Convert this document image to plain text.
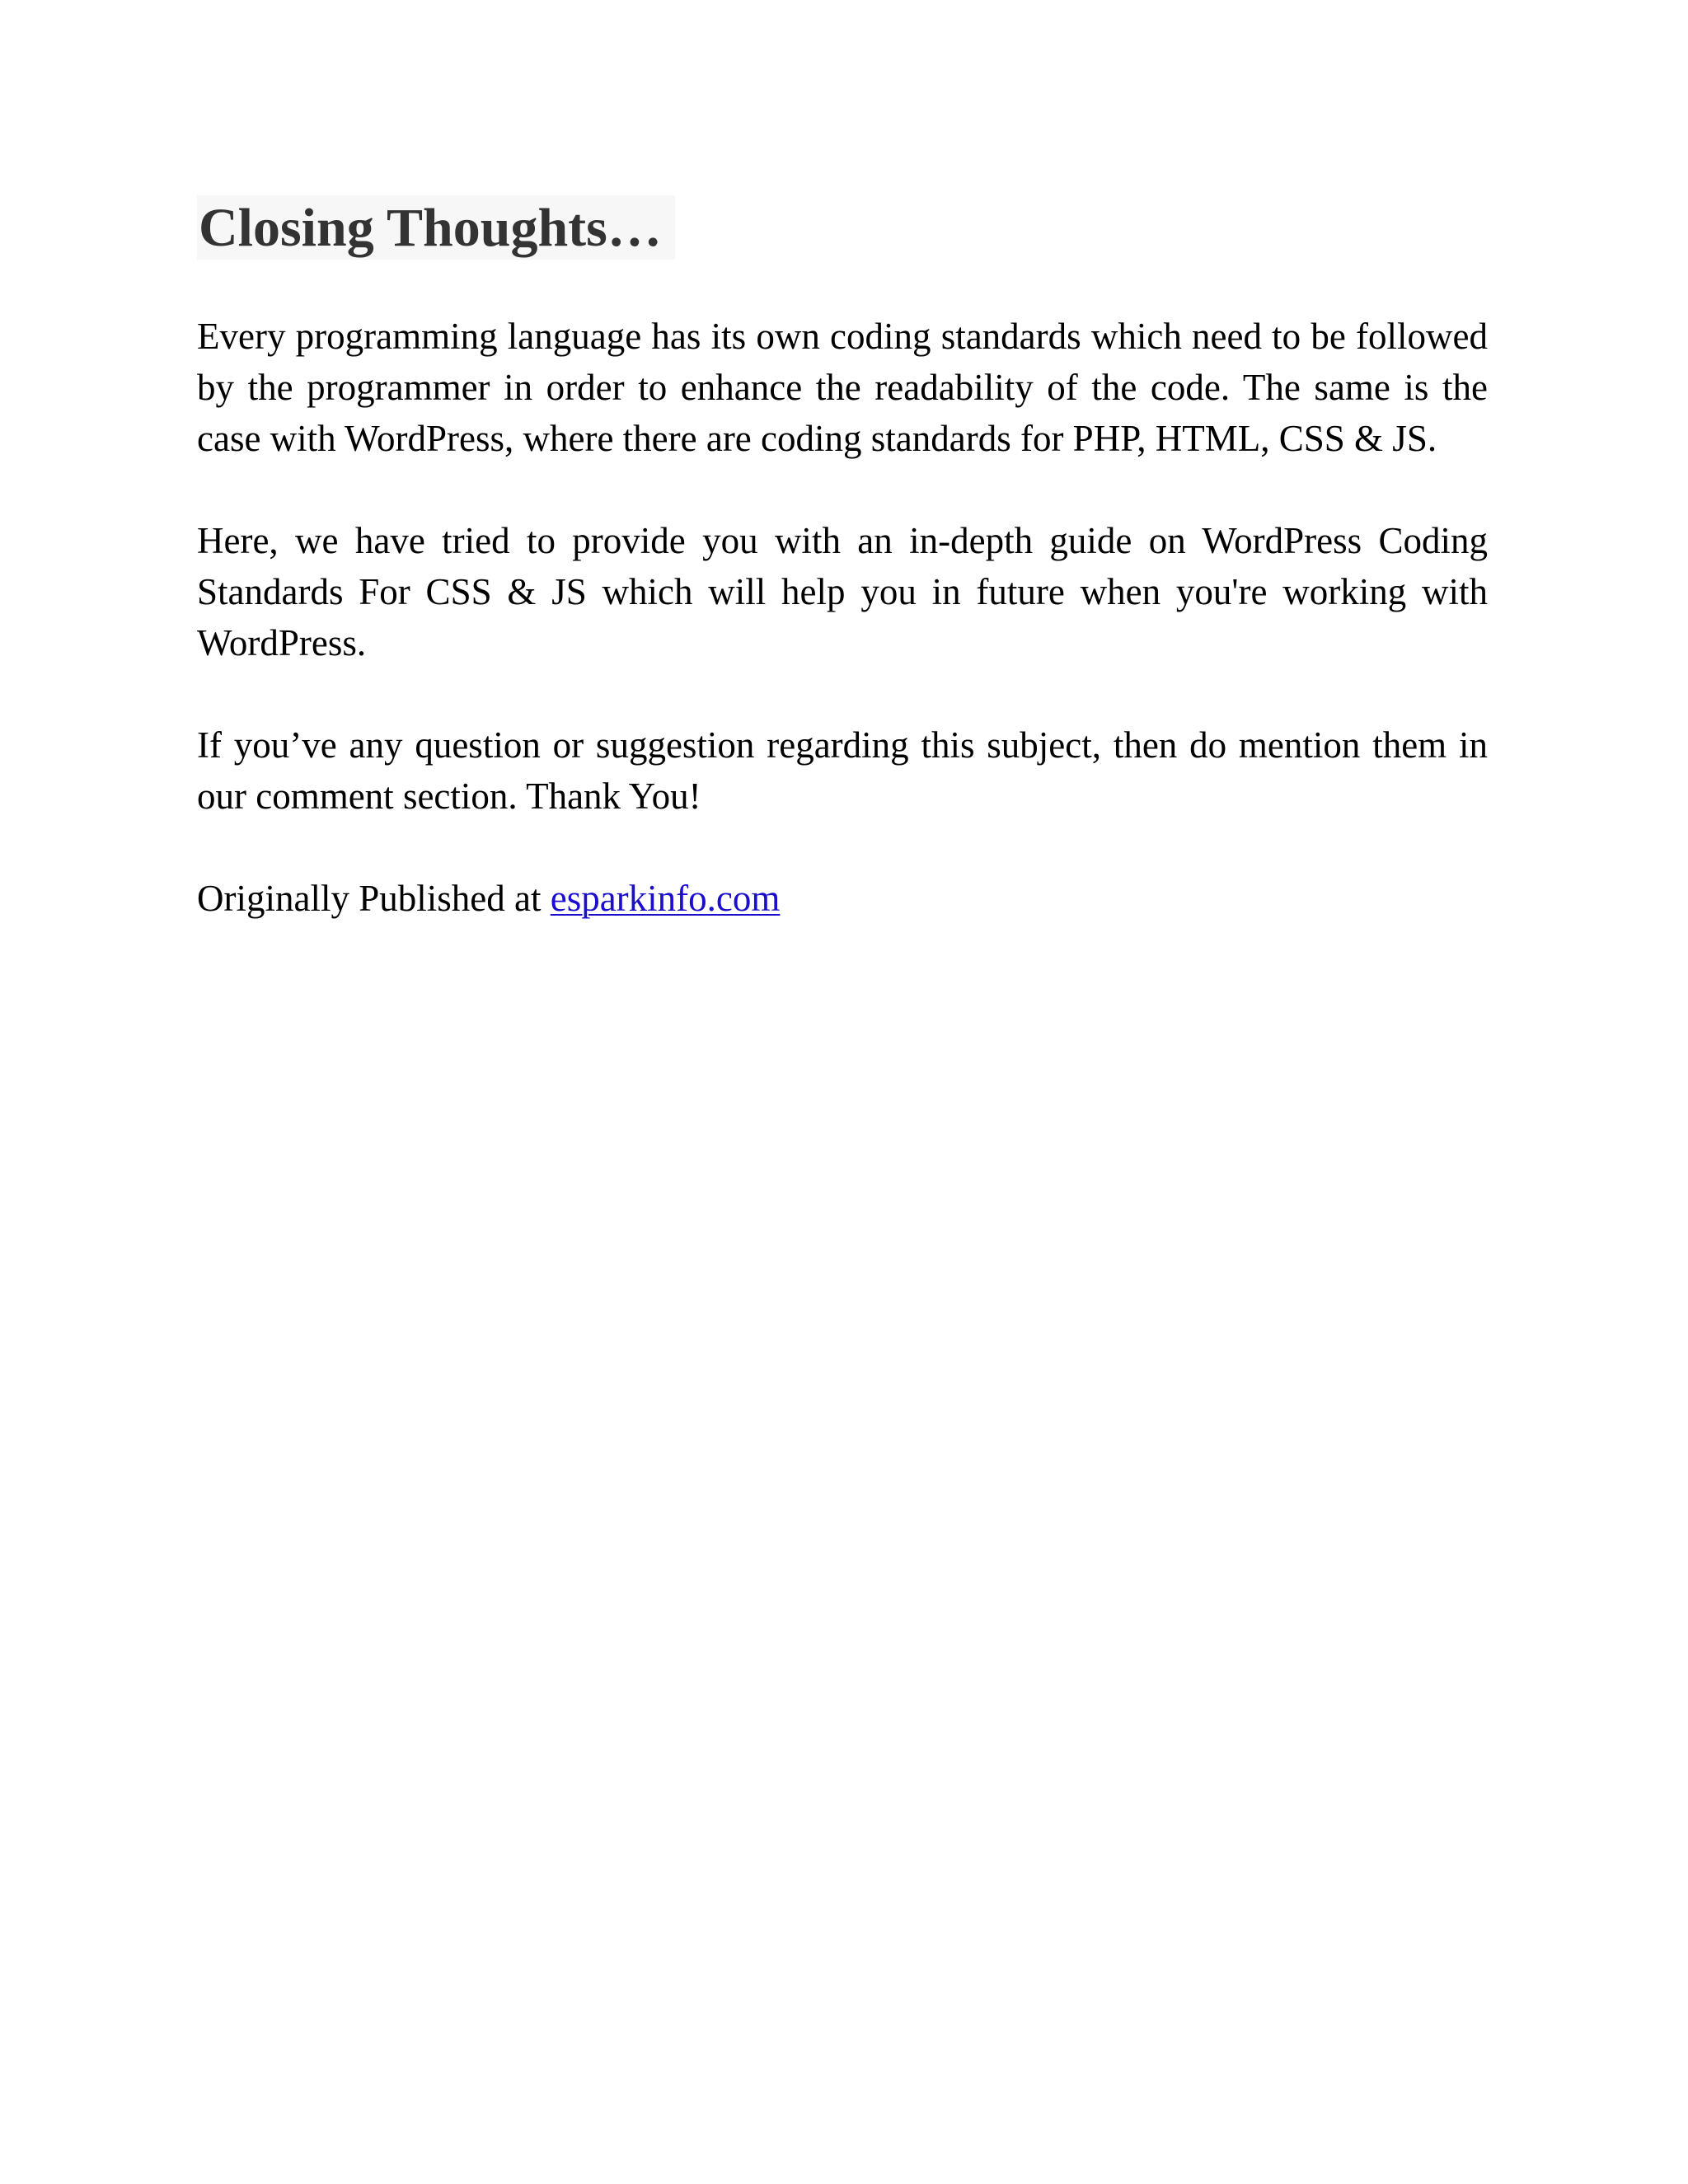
Closing Thoughts…

Every programming language has its own coding standards which need to be followed by the programmer in order to enhance the readability of the code. The same is the case with WordPress, where there are coding standards for PHP, HTML, CSS & JS.

Here, we have tried to provide you with an in-depth guide on WordPress Coding Standards For CSS & JS which will help you in future when you're working with WordPress.

If you’ve any question or suggestion regarding this subject, then do mention them in our comment section. Thank You!

Originally Published at esparkinfo.com
